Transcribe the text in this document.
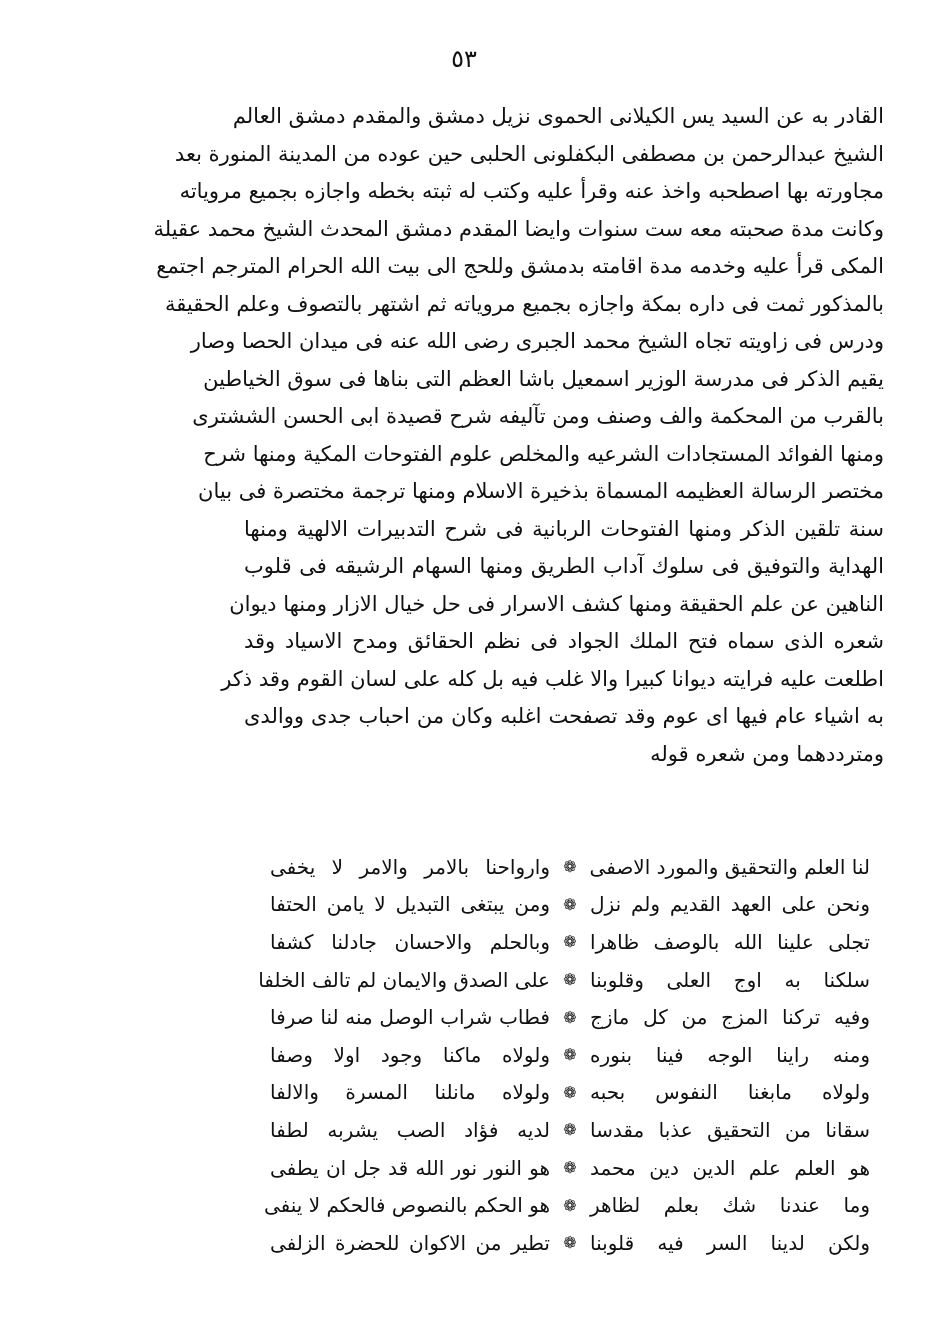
٥٣
القادر به عن السيد يس الكيلانى الحموى نزيل دمشق والمقدم دمشق العالم
الشيخ عبدالرحمن بن مصطفى البكفلونى الحلبى حين عوده من المدينة المنورة بعد
مجاورته بها اصطحبه واخذ عنه وقرأ عليه وكتب له ثبته بخطه واجازه بجميع مروياته
وكانت مدة صحبته معه ست سنوات وايضا المقدم دمشق المحدث الشيخ محمد عقيلة
المكى قرأ عليه وخدمه مدة اقامته بدمشق وللحج الى بيت الله الحرام المترجم اجتمع
بالمذكور ثمت فى داره بمكة واجازه بجميع مروياته ثم اشتهر بالتصوف وعلم الحقيقة
ودرس فى زاويته تجاه الشيخ محمد الجبرى رضى الله عنه فى ميدان الحصا وصار
يقيم الذكر فى مدرسة الوزير اسمعيل باشا العظم التى بناها فى سوق الخياطين
بالقرب من المحكمة والف وصنف ومن تآليفه شرح قصيدة ابى الحسن الششترى
ومنها الفوائد المستجادات الشرعيه والمخلص علوم الفتوحات المكية ومنها شرح
مختصر الرسالة العظيمه المسماة بذخيرة الاسلام ومنها ترجمة مختصرة فى بيان
سنة تلقين الذكر ومنها الفتوحات الربانية فى شرح التدبيرات الالهية ومنها
الهداية والتوفيق فى سلوك آداب الطريق ومنها السهام الرشيقه فى قلوب
الناهين عن علم الحقيقة ومنها كشف الاسرار فى حل خيال الازار ومنها ديوان
شعره الذى سماه فتح الملك الجواد فى نظم الحقائق ومدح الاسياد وقد
اطلعت عليه فرايته ديوانا كبيرا والا غلب فيه بل كله على لسان القوم وقد ذكر
به اشياء عام فيها اى عوم وقد تصفحت اغلبه وكان من احباب جدى ووالدى
ومترددهما ومن شعره قوله
لنا العلم والتحقيق والمورد الاصفى
❁
وارواحنا بالامر والامر لا يخفى
ونحن على العهد القديم ولم نزل
❁
ومن يبتغى التبديل لا يامن الحتفا
تجلى علينا الله بالوصف ظاهرا
❁
وبالحلم والاحسان جادلنا كشفا
سلكنا به اوج العلى وقلوبنا
❁
على الصدق والايمان لم تالف الخلفا
وفيه تركنا المزج من كل مازج
❁
فطاب شراب الوصل منه لنا صرفا
ومنه راينا الوجه فينا بنوره
❁
ولولاه ماكنا وجود اولا وصفا
ولولاه مابغنا النفوس بحبه
❁
ولولاه مانلنا المسرة والالفا
سقانا من التحقيق عذبا مقدسا
❁
لديه فؤاد الصب يشربه لطفا
هو العلم علم الدين دين محمد
❁
هو النور نور الله قد جل ان يطفى
وما عندنا شك بعلم لظاهر
❁
هو الحكم بالنصوص فالحكم لا ينفى
ولكن لدينا السر فيه قلوبنا
❁
تطير من الاكوان للحضرة الزلفى
